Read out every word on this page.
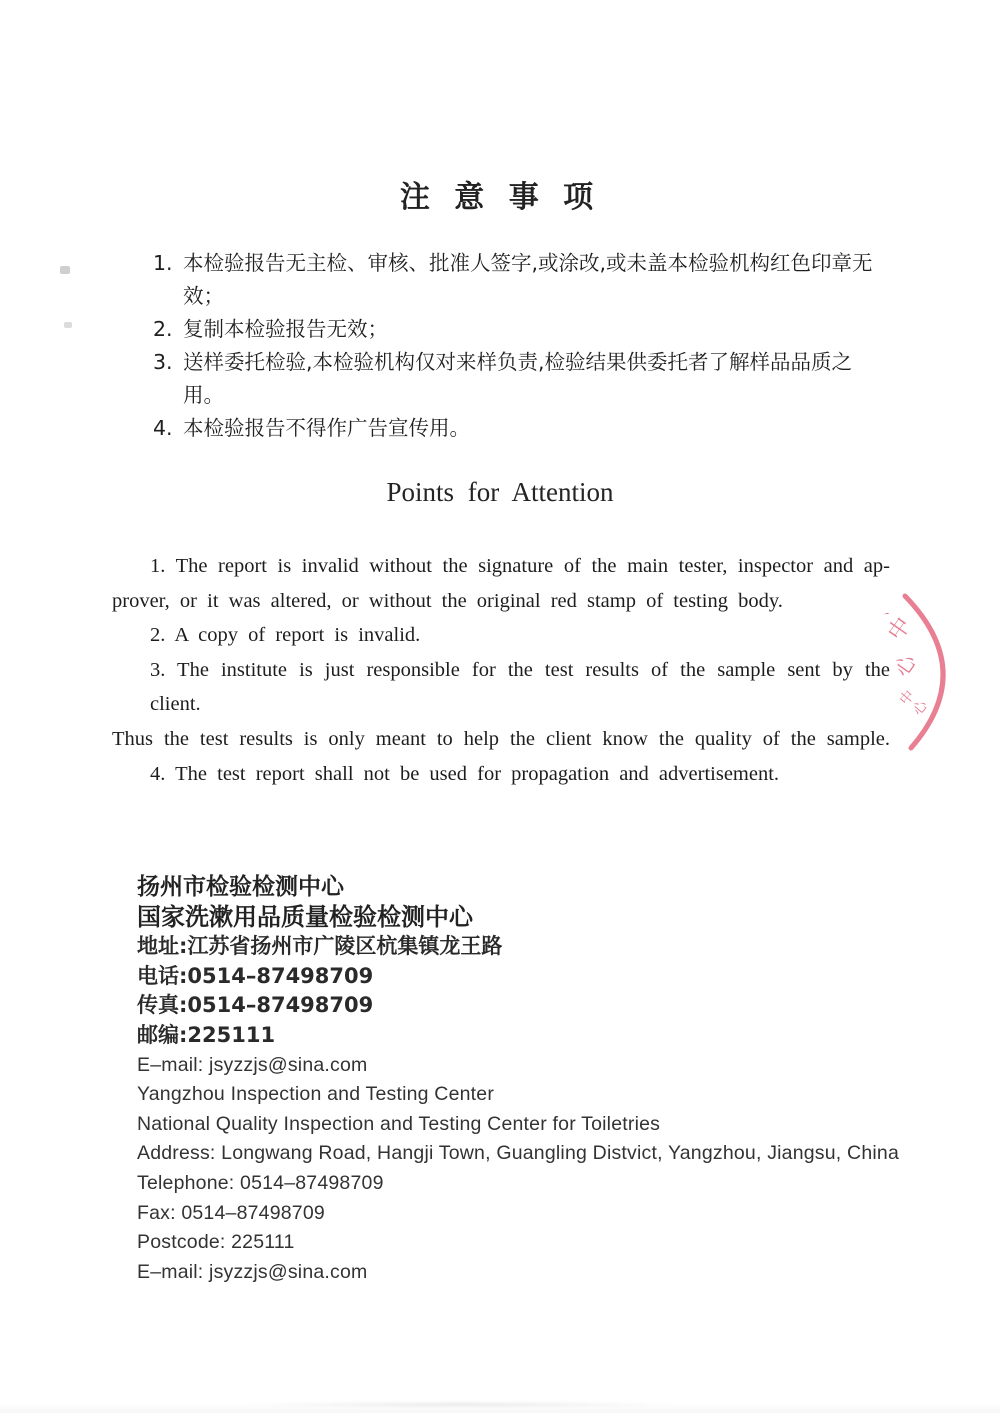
注 意 事 项
1. 本检验报告无主检、审核、批准人签字,或涂改,或未盖本检验机构红色印章无效；
2. 复制本检验报告无效；
3. 送样委托检验,本检验机构仅对来样负责,检验结果供委托者了解样品品质之用。
4. 本检验报告不得作广告宣传用。
Points for Attention
1. The report is invalid without the signature of the main tester, inspector and ap-
prover, or it was altered, or without the original red stamp of testing body.
2. A copy of report is invalid.
3. The institute is just responsible for the test results of the sample sent by the client.
Thus the test results is only meant to help the client know the quality of the sample.
4. The test report shall not be used for propagation and advertisement.
、
中
心
中
心
扬州市检验检测中心
国家洗漱用品质量检验检测中心
地址:江苏省扬州市广陵区杭集镇龙王路
电话:0514–87498709
传真:0514–87498709
邮编:225111
E–mail: jsyzzjs@sina.com
Yangzhou Inspection and Testing Center
National Quality Inspection and Testing Center for Toiletries
Address: Longwang Road, Hangji Town, Guangling Distvict, Yangzhou, Jiangsu, China
Telephone: 0514–87498709
Fax: 0514–87498709
Postcode: 225111
E–mail: jsyzzjs@sina.com
